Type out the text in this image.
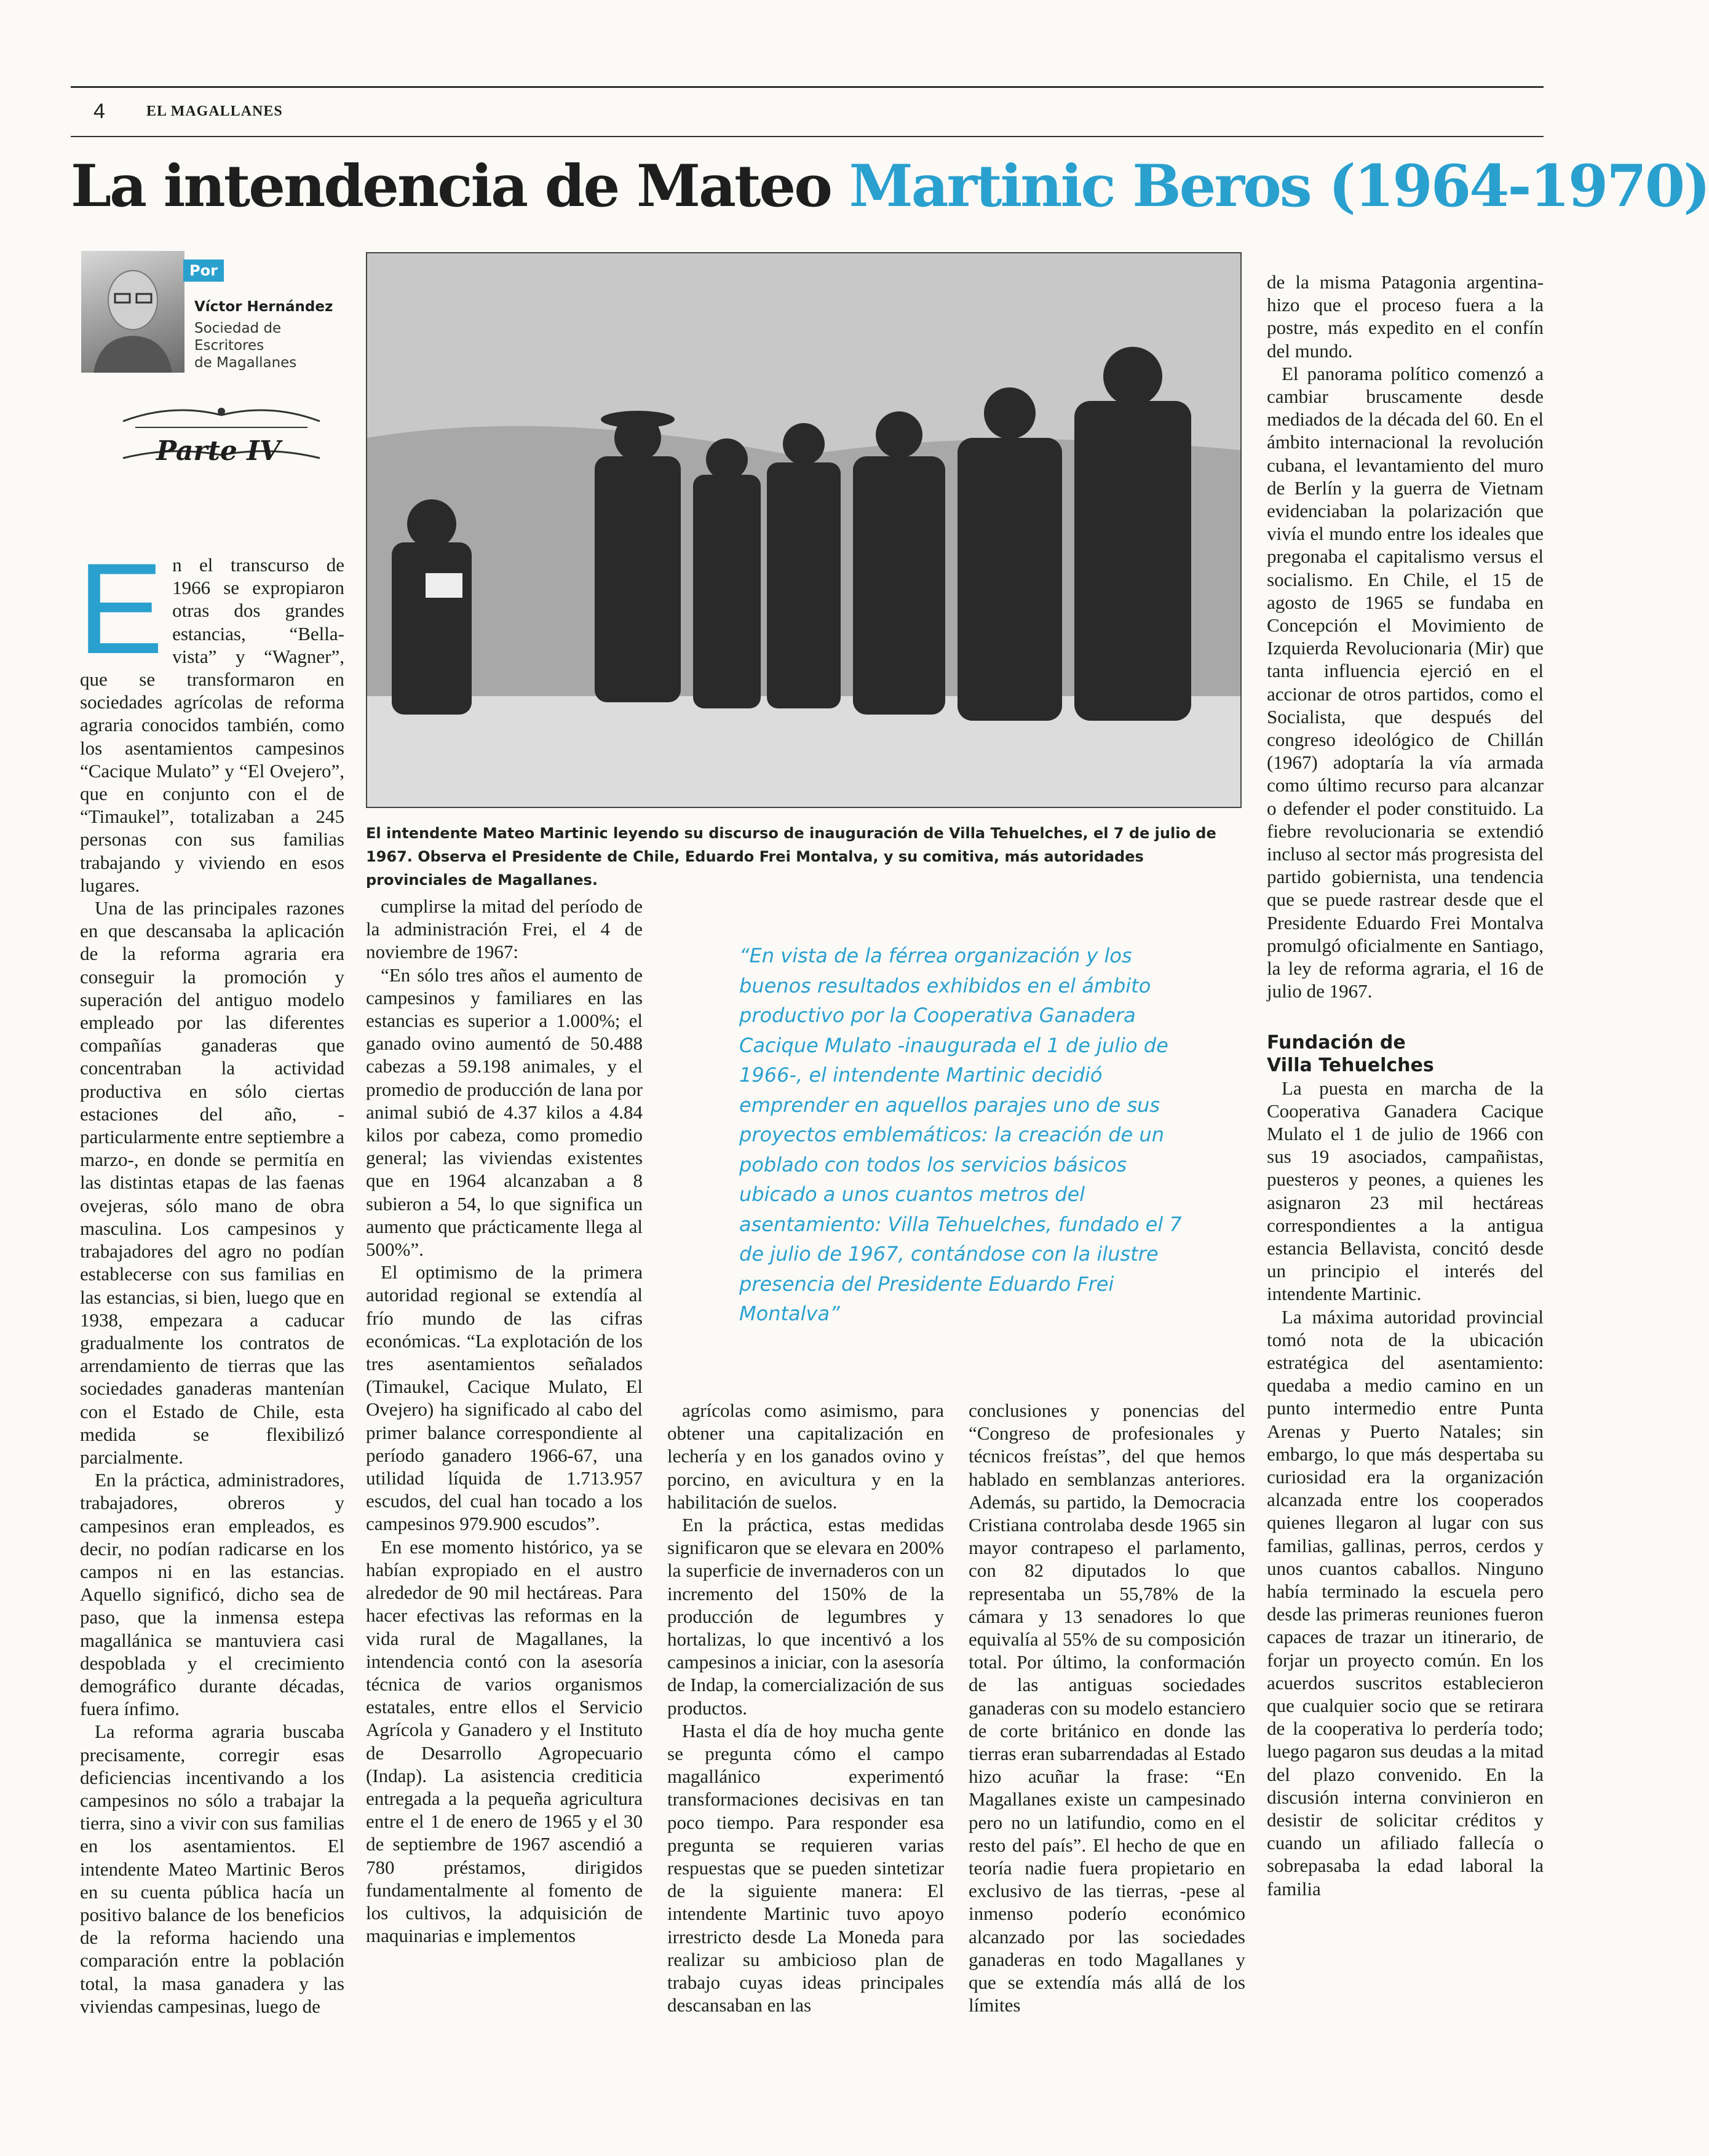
4	EL MAGALLANES
La intendencia de Mateo Martinic Beros (1964-1970)
Por
Víctor Hernández
Sociedad de
Escritores
de Magallanes
Parte IV
El intendente Mateo Martinic leyendo su discurso de inauguración de Villa Tehuelches, el 7 de julio de 1967. Observa el Presidente de Chile, Eduardo Frei Montalva, y su comitiva, más autoridades provinciales de Magallanes.
“En vista de la férrea organización y los buenos resultados exhibidos en el ámbito productivo por la Cooperativa Ganadera Cacique Mulato -inaugurada el 1 de julio de 1966-, el intendente Martinic decidió emprender en aquellos parajes uno de sus proyectos emblemáticos: la creación de un poblado con todos los servicios básicos ubicado a unos cuantos metros del asentamiento: Villa Tehuelches, fundado el 7 de julio de 1967, contándose con la ilustre presencia del Presidente Eduardo Frei Montalva”

En el transcurso de 1966 se expropiaron otras dos grandes estancias, “Bella-vista” y “Wagner”, que se transformaron en sociedades agrícolas de reforma agraria conocidos también, como los asentamientos campesinos “Cacique Mulato” y “El Ovejero”, que en conjunto con el de “Timaukel”, totalizaban a 245 personas con sus familias trabajando y viviendo en esos lugares.

Una de las principales razones en que descansaba la aplicación de la reforma agraria era conseguir la promoción y superación del antiguo modelo empleado por las diferentes compañías ganaderas que concentraban la actividad productiva en sólo ciertas estaciones del año, -particularmente entre septiembre a marzo-, en donde se permitía en las distintas etapas de las faenas ovejeras, sólo mano de obra masculina. Los campesinos y trabajadores del agro no podían establecerse con sus familias en las estancias, si bien, luego que en 1938, empezara a caducar gradualmente los contratos de arrendamiento de tierras que las sociedades ganaderas mantenían con el Estado de Chile, esta medida se flexibilizó parcialmente.

En la práctica, administradores, trabajadores, obreros y campesinos eran empleados, es decir, no podían radicarse en los campos ni en las estancias. Aquello significó, dicho sea de paso, que la inmensa estepa magallánica se mantuviera casi despoblada y el crecimiento demográfico durante décadas, fuera ínfimo.

La reforma agraria buscaba precisamente, corregir esas deficiencias incentivando a los campesinos no sólo a trabajar la tierra, sino a vivir con sus familias en los asentamientos. El intendente Mateo Martinic Beros en su cuenta pública hacía un positivo balance de los beneficios de la reforma haciendo una comparación entre la población total, la masa ganadera y las viviendas campesinas, luego de

cumplirse la mitad del período de la administración Frei, el 4 de noviembre de 1967:

“En sólo tres años el aumento de campesinos y familiares en las estancias es superior a 1.000%; el ganado ovino aumentó de 50.488 cabezas a 59.198 animales, y el promedio de producción de lana por animal subió de 4.37 kilos a 4.84 kilos por cabeza, como promedio general; las viviendas existentes que en 1964 alcanzaban a 8 subieron a 54, lo que significa un aumento que prácticamente llega al 500%”.

El optimismo de la primera autoridad regional se extendía al frío mundo de las cifras económicas. “La explotación de los tres asentamientos señalados (Timaukel, Cacique Mulato, El Ovejero) ha significado al cabo del primer balance correspondiente al período ganadero 1966-67, una utilidad líquida de 1.713.957 escudos, del cual han tocado a los campesinos 979.900 escudos”.

En ese momento histórico, ya se habían expropiado en el austro alrededor de 90 mil hectáreas. Para hacer efectivas las reformas en la vida rural de Magallanes, la intendencia contó con la asesoría técnica de varios organismos estatales, entre ellos el Servicio Agrícola y Ganadero y el Instituto de Desarrollo Agropecuario (Indap). La asistencia crediticia entregada a la pequeña agricultura entre el 1 de enero de 1965 y el 30 de septiembre de 1967 ascendió a 780 préstamos, dirigidos fundamentalmente al fomento de los cultivos, la adquisición de maquinarias e implementos

agrícolas como asimismo, para obtener una capitalización en lechería y en los ganados ovino y porcino, en avicultura y en la habilitación de suelos.

En la práctica, estas medidas significaron que se elevara en 200% la superficie de invernaderos con un incremento del 150% de la producción de legumbres y hortalizas, lo que incentivó a los campesinos a iniciar, con la asesoría de Indap, la comercialización de sus productos.

Hasta el día de hoy mucha gente se pregunta cómo el campo magallánico experimentó transformaciones decisivas en tan poco tiempo. Para responder esa pregunta se requieren varias respuestas que se pueden sintetizar de la siguiente manera: El intendente Martinic tuvo apoyo irrestricto desde La Moneda para realizar su ambicioso plan de trabajo cuyas ideas principales descansaban en las

conclusiones y ponencias del “Congreso de profesionales y técnicos freístas”, del que hemos hablado en semblanzas anteriores. Además, su partido, la Democracia Cristiana controlaba desde 1965 sin mayor contrapeso el parlamento, con 82 diputados lo que representaba un 55,78% de la cámara y 13 senadores lo que equivalía al 55% de su composición total. Por último, la conformación de las antiguas sociedades ganaderas con su modelo estanciero de corte británico en donde las tierras eran subarrendadas al Estado hizo acuñar la frase: “En Magallanes existe un campesinado pero no un latifundio, como en el resto del país”. El hecho de que en teoría nadie fuera propietario en exclusivo de las tierras, -pese al inmenso poderío económico alcanzado por las sociedades ganaderas en todo Magallanes y que se extendía más allá de los límites

de la misma Patagonia argentina- hizo que el proceso fuera a la postre, más expedito en el confín del mundo.

El panorama político comenzó a cambiar bruscamente desde mediados de la década del 60. En el ámbito internacional la revolución cubana, el levantamiento del muro de Berlín y la guerra de Vietnam evidenciaban la polarización que vivía el mundo entre los ideales que pregonaba el capitalismo versus el socialismo. En Chile, el 15 de agosto de 1965 se fundaba en Concepción el Movimiento de Izquierda Revolucionaria (Mir) que tanta influencia ejerció en el accionar de otros partidos, como el Socialista, que después del congreso ideológico de Chillán (1967) adoptaría la vía armada como último recurso para alcanzar o defender el poder constituido. La fiebre revolucionaria se extendió incluso al sector más progresista del partido gobiernista, una tendencia que se puede rastrear desde que el Presidente Eduardo Frei Montalva promulgó oficialmente en Santiago, la ley de reforma agraria, el 16 de julio de 1967.

Fundación de
Villa Tehuelches

La puesta en marcha de la Cooperativa Ganadera Cacique Mulato el 1 de julio de 1966 con sus 19 asociados, campañistas, puesteros y peones, a quienes les asignaron 23 mil hectáreas correspondientes a la antigua estancia Bellavista, concitó desde un principio el interés del intendente Martinic.

La máxima autoridad provincial tomó nota de la ubicación estratégica del asentamiento: quedaba a medio camino en un punto intermedio entre Punta Arenas y Puerto Natales; sin embargo, lo que más despertaba su curiosidad era la organización alcanzada entre los cooperados quienes llegaron al lugar con sus familias, gallinas, perros, cerdos y unos cuantos caballos. Ninguno había terminado la escuela pero desde las primeras reuniones fueron capaces de trazar un itinerario, de forjar un proyecto común. En los acuerdos suscritos establecieron que cualquier socio que se retirara de la cooperativa lo perdería todo; luego pagaron sus deudas a la mitad del plazo convenido. En la discusión interna convinieron en desistir de solicitar créditos y cuando un afiliado fallecía o sobrepasaba la edad laboral la familia
